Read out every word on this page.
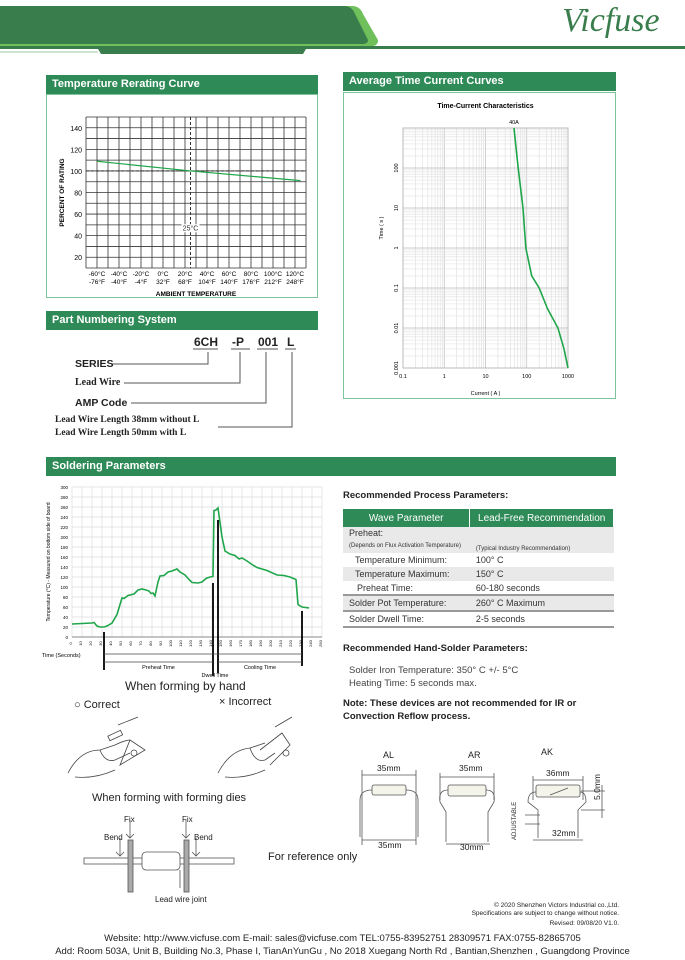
Vicfuse
Temperature Rerating Curve
20
40
60
80
100
120
140
-60°C
-76°F
-40°C
-40°F
-20°C
-4°F
0°C
32°F
20°C
68°F
40°C
104°F
60°C
140°F
80°C
176°F
100°C
212°F
120°C
248°F
25°C
AMBIENT TEMPERATURE
PERCENT OF RATING
Average Time Current Curves
0.1	1	10	100	1000
0.001
0.01
0.1
1
10
100
Time-Current Characteristics
Current ( A )
Time ( s )
40A
Part Numbering System
6CH -P 001 L
SERIES
Lead Wire
AMP Code
Lead Wire Length 38mm without L
Lead Wire Length 50mm with L
Soldering Parameters
0
20
40
60
80
100
120
140
160
180
200
220
240
260
280
300
0 10 20 30 40 50 60 70 80 90 100 110 120 130 140 150 160 170 180 190 200 210 220 230 240 250
Temperature (°C) - Measured on bottom side of board
Time (Seconds)
Preheat Time
Dwell Time
Cooling Time
When forming by hand
○ Correct	× Incorrect
When forming with forming dies
Fix	Fix
Bend	Bend
Lead wire joint
For reference only
Recommended Process Parameters:
Wave Parameter	Lead-Free Recommendation
Preheat:
(Depends on Flux Activation Temperature)	(Typical Industry Recommendation)
Temperature Minimum:	100° C
Temperature Maximum:	150° C
Preheat Time:	60-180 seconds
Solder Pot Temperature:	260° C Maximum
Solder Dwell Time:	2-5 seconds
Recommended Hand-Solder Parameters:
Solder Iron Temperature: 350° C +/- 5°C
Heating Time: 5 seconds max.
Note: These devices are not recommended for IR or
Convection Reflow process.
AL
35mm
35mm
AR
35mm
30mm
AK
36mm
32mm
5.0mm
ADJUSTABLE
© 2020 Shenzhen Victors Industrial co.,Ltd.
Specifications are subject to change without notice.
Revised: 09/08/20 V1.0.
Website: http://www.vicfuse.com E-mail: sales@vicfuse.com TEL:0755-83952751 28309571 FAX:0755-82865705
Add: Room 503A, Unit B, Building No.3, Phase I, TianAnYunGu , No 2018 Xuegang North Rd , Bantian,Shenzhen , Guangdong Province
